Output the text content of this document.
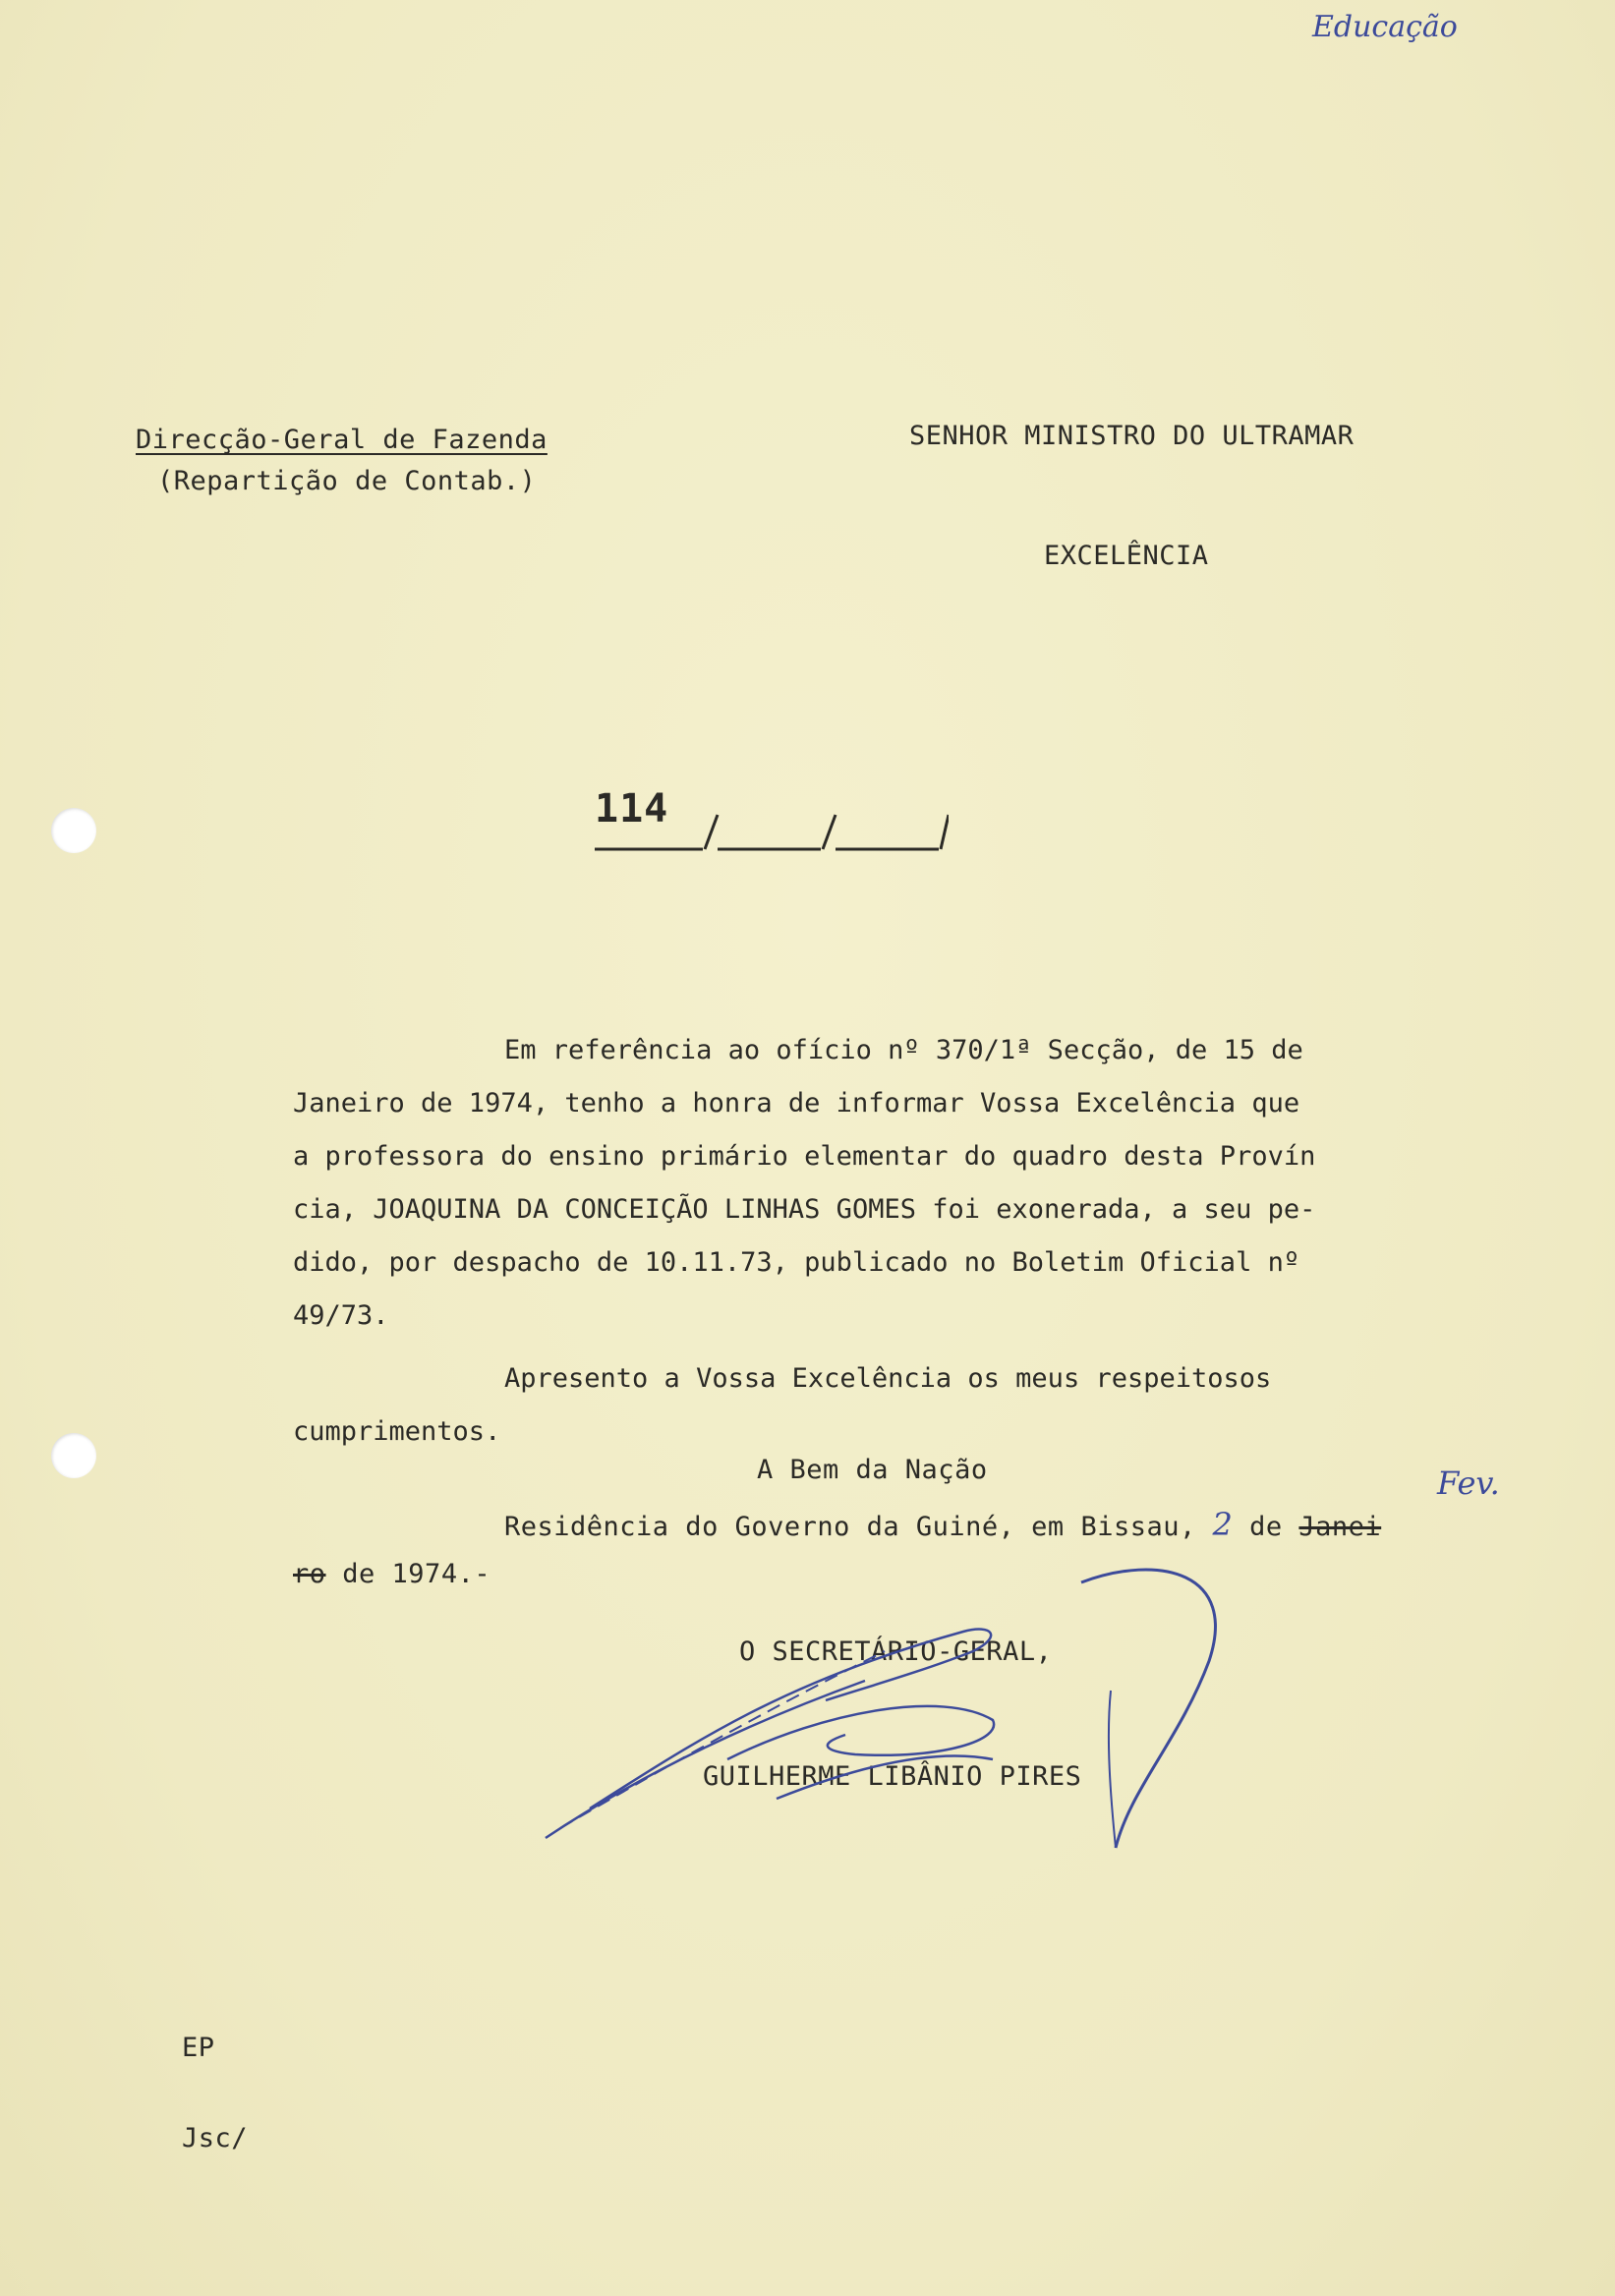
Educação
Direcção-Geral de Fazenda
(Repartição de Contab.)
SENHOR MINISTRO DO ULTRAMAR
EXCELÊNCIA
114
Em referência ao ofício nº 370/1ª Secção, de 15 de
Janeiro de 1974, tenho a honra de informar Vossa Excelência que
a professora do ensino primário elementar do quadro desta Provín
cia, JOAQUINA DA CONCEIÇÃO LINHAS GOMES foi exonerada, a seu pe-
dido, por despacho de 10.11.73, publicado no Boletim Oficial nº
49/73.
Apresento a Vossa Excelência os meus respeitosos
cumprimentos.
A Bem da Nação
Residência do Governo da Guiné, em Bissau, 2 de Janei
Fev.
ro de 1974.-
O SECRETÁRIO-GERAL,
GUILHERME LIBÂNIO PIRES
EP
Jsc/
